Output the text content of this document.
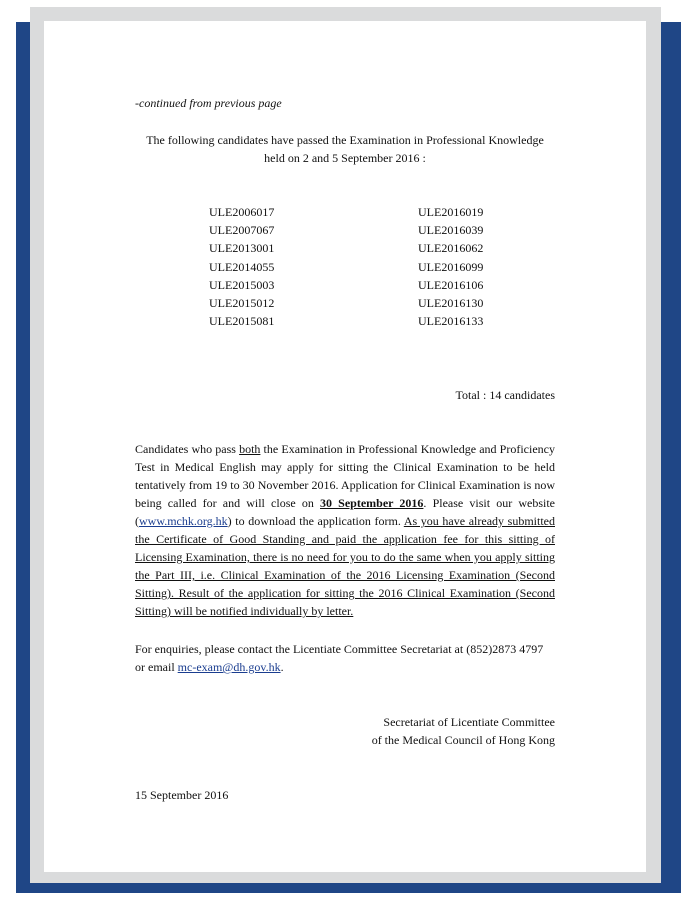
-continued from previous page
The following candidates have passed the Examination in Professional Knowledge
held on 2 and 5 September 2016 :
ULE2006017
ULE2007067
ULE2013001
ULE2014055
ULE2015003
ULE2015012
ULE2015081
ULE2016019
ULE2016039
ULE2016062
ULE2016099
ULE2016106
ULE2016130
ULE2016133
Total : 14 candidates
Candidates who pass both the Examination in Professional Knowledge and Proficiency Test in Medical English may apply for sitting the Clinical Examination to be held tentatively from 19 to 30 November 2016. Application for Clinical Examination is now being called for and will close on 30 September 2016. Please visit our website (www.mchk.org.hk) to download the application form. As you have already submitted the Certificate of Good Standing and paid the application fee for this sitting of Licensing Examination, there is no need for you to do the same when you apply sitting the Part III, i.e. Clinical Examination of the 2016 Licensing Examination (Second Sitting). Result of the application for sitting the 2016 Clinical Examination (Second Sitting) will be notified individually by letter.
For enquiries, please contact the Licentiate Committee Secretariat at (852)2873 4797
or email mc-exam@dh.gov.hk.
Secretariat of Licentiate Committee
of the Medical Council of Hong Kong
15 September 2016
